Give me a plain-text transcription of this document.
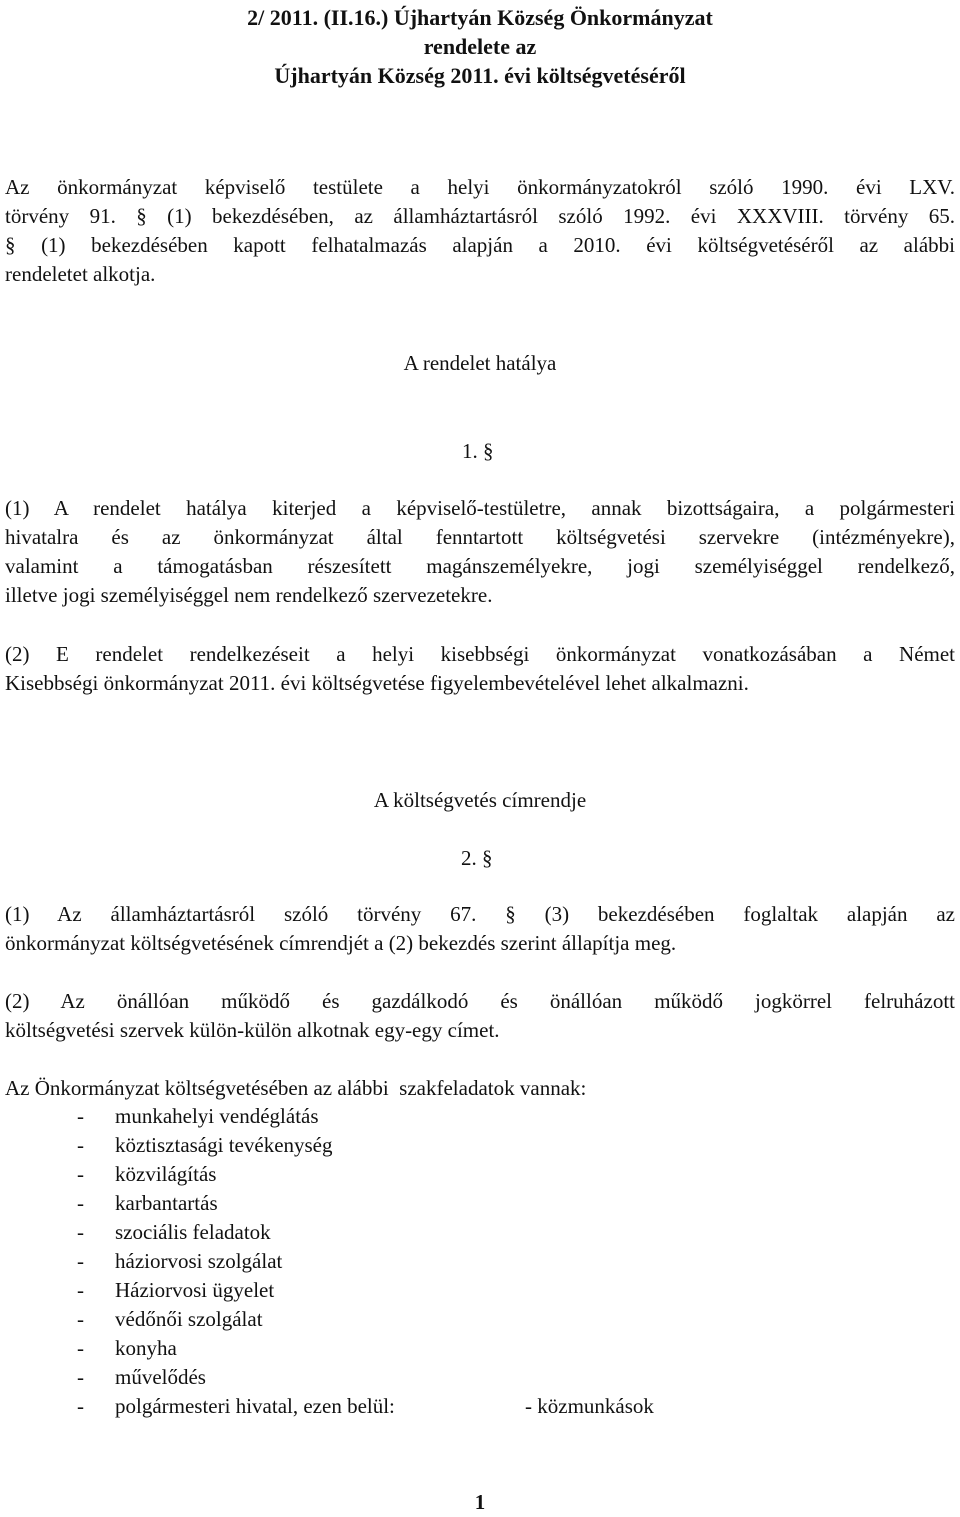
2/ 2011. (II.16.) Újhartyán Község Önkormányzat
rendelete az
Újhartyán Község 2011. évi költségvetéséről
Az önkormányzat képviselő testülete a helyi önkormányzatokról szóló 1990. évi LXV.
törvény 91. § (1) bekezdésében, az államháztartásról szóló 1992. évi XXXVIII. törvény 65.
§ (1) bekezdésében kapott felhatalmazás alapján a 2010. évi költségvetéséről az alábbi
rendeletet alkotja.
A rendelet hatálya
1. §
(1) A rendelet hatálya kiterjed a képviselő-testületre, annak bizottságaira, a polgármesteri
hivatalra és az önkormányzat által fenntartott költségvetési szervekre (intézményekre),
valamint a támogatásban részesített magánszemélyekre, jogi személyiséggel rendelkező,
illetve jogi személyiséggel nem rendelkező szervezetekre.
(2) E rendelet rendelkezéseit a helyi kisebbségi önkormányzat vonatkozásában a Német
Kisebbségi önkormányzat 2011. évi költségvetése figyelembevételével lehet alkalmazni.
A költségvetés címrendje
2. §
(1) Az államháztartásról szóló törvény 67. § (3) bekezdésében foglaltak alapján az
önkormányzat költségvetésének címrendjét a (2) bekezdés szerint állapítja meg.
(2) Az önállóan működő és gazdálkodó és önállóan működő jogkörrel felruházott
költségvetési szervek külön-külön alkotnak egy-egy címet.
Az Önkormányzat költségvetésében az alábbi  szakfeladatok vannak:
- munkahelyi vendéglátás
- köztisztasági tevékenység
- közvilágítás
- karbantartás
- szociális feladatok
- háziorvosi szolgálat
- Háziorvosi ügyelet
- védőnői szolgálat
- konyha
- művelődés
- polgármesteri hivatal, ezen belül:	- közmunkások
1
